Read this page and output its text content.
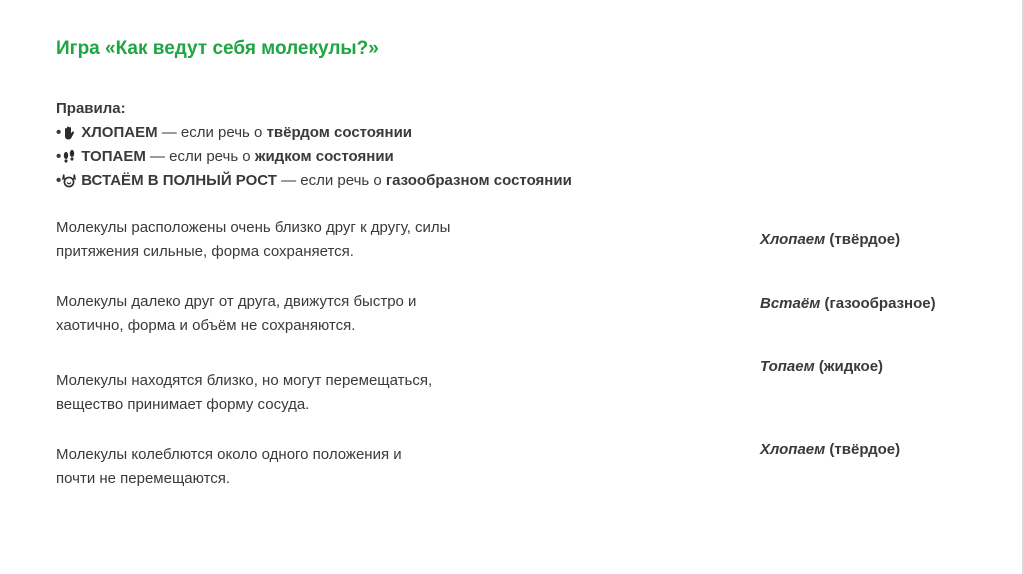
Игра «Как ведут себя молекулы?»
Правила:
• ХЛОПАЕМ — если речь о твёрдом состоянии
• ТОПАЕМ — если речь о жидком состоянии
• ВСТАЁМ В ПОЛНЫЙ РОСТ — если речь о газообразном состоянии
Молекулы расположены очень близко друг к другу, силы
притяжения сильные, форма сохраняется.
Хлопаем (твёрдое)
Молекулы далеко друг от друга, движутся быстро и
хаотично, форма и объём не сохраняются.
Встаём (газообразное)
Молекулы находятся близко, но могут перемещаться,
вещество принимает форму сосуда.
Топаем (жидкое)
Молекулы колеблются около одного положения и
почти не перемещаются.
Хлопаем (твёрдое)
